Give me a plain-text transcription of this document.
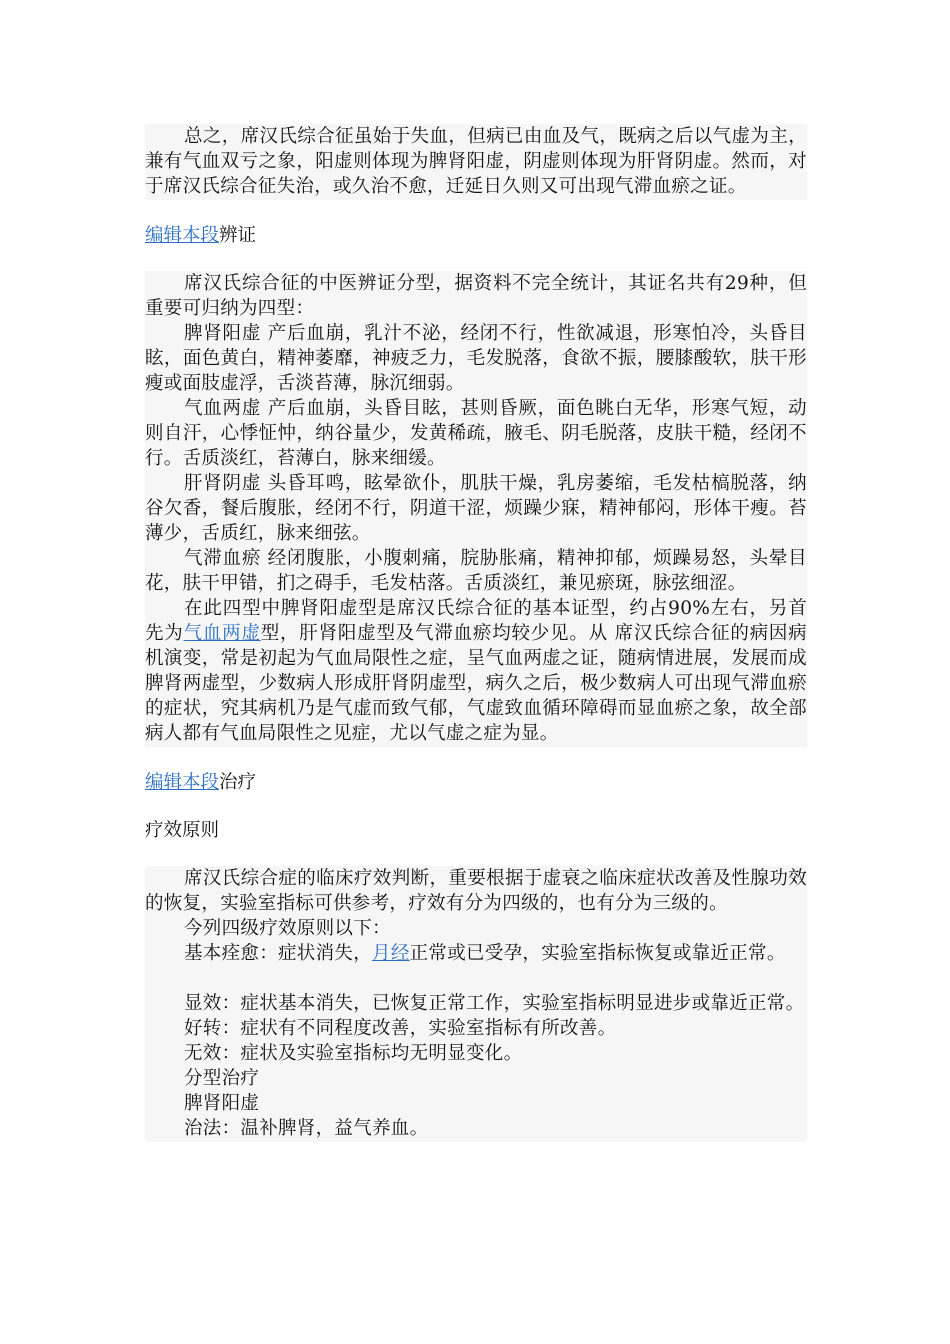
总之，席汉氏综合征虽始于失血，但病已由血及气，既病之后以气虚为主，兼有气血双亏之象，阳虚则体现为脾肾阳虚，阴虚则体现为肝肾阴虚。然而，对于席汉氏综合征失治，或久治不愈，迁延日久则又可出现气滞血瘀之证。

编辑本段辨证

席汉氏综合征的中医辨证分型，据资料不完全统计，其证名共有29种，但重要可归纳为四型：

脾肾阳虚 产后血崩，乳汁不泌，经闭不行，性欲减退，形寒怕冷，头昏目眩，面色黄白，精神萎靡，神疲乏力，毛发脱落，食欲不振，腰膝酸软，肤干形瘦或面肢虚浮，舌淡苔薄，脉沉细弱。

气血两虚 产后血崩，头昏目眩，甚则昏厥，面色眺白无华，形寒气短，动则自汗，心悸怔忡，纳谷量少，发黄稀疏，腋毛、阴毛脱落，皮肤干糙，经闭不行。舌质淡红，苔薄白，脉来细缓。

肝肾阴虚 头昏耳鸣，眩晕欲仆，肌肤干燥，乳房萎缩，毛发枯槁脱落，纳谷欠香，餐后腹胀，经闭不行，阴道干涩，烦躁少寐，精神郁闷，形体干瘦。苔薄少，舌质红，脉来细弦。

气滞血瘀 经闭腹胀，小腹刺痛，脘胁胀痛，精神抑郁，烦躁易怒，头晕目花，肤干甲错，扪之碍手，毛发枯落。舌质淡红，兼见瘀斑，脉弦细涩。

在此四型中脾肾阳虚型是席汉氏综合征的基本证型，约占90%左右，另首先为气血两虚型，肝肾阳虚型及气滞血瘀均较少见。从 席汉氏综合征的病因病机演变，常是初起为气血局限性之症，呈气血两虚之证，随病情进展，发展而成脾肾两虚型，少数病人形成肝肾阴虚型，病久之后，极少数病人可出现气滞血瘀的症状，究其病机乃是气虚而致气郁，气虚致血循环障碍而显血瘀之象，故全部病人都有气血局限性之见症，尤以气虚之症为显。

编辑本段治疗

疗效原则

席汉氏综合症的临床疗效判断，重要根据于虚衰之临床症状改善及性腺功效的恢复，实验室指标可供参考，疗效有分为四级的，也有分为三级的。

今列四级疗效原则以下：

基本痊愈：症状消失，月经正常或已受孕，实验室指标恢复或靠近正常。

显效：症状基本消失，已恢复正常工作，实验室指标明显进步或靠近正常。

好转：症状有不同程度改善，实验室指标有所改善。

无效：症状及实验室指标均无明显变化。

分型治疗

脾肾阳虚

治法：温补脾肾，益气养血。
